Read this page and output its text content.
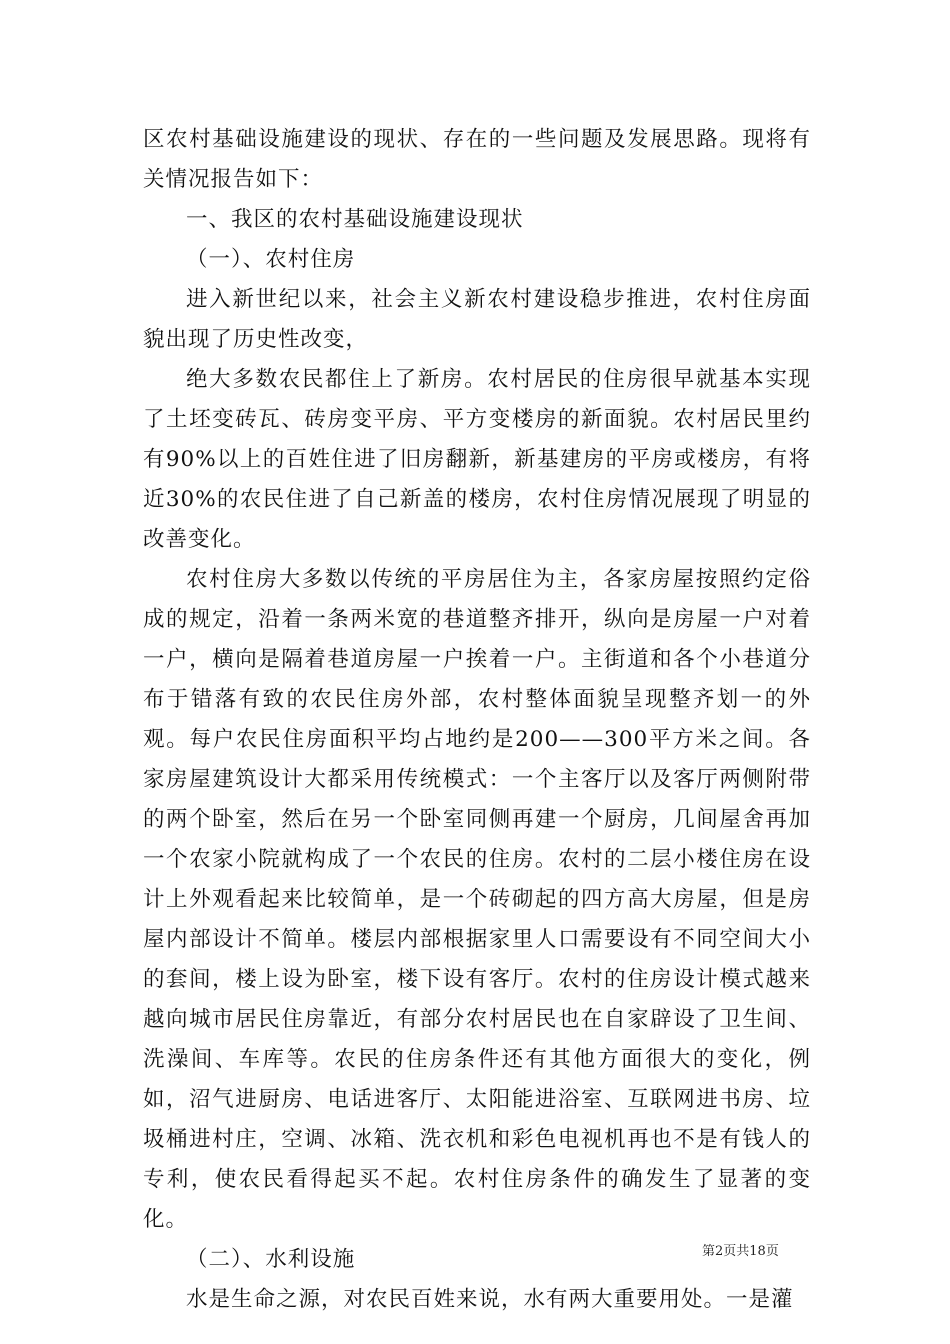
区农村基础设施建设的现状、存在的一些问题及发展思路。现将有关情况报告如下：

一、我区的农村基础设施建设现状

（一）、农村住房

进入新世纪以来，社会主义新农村建设稳步推进，农村住房面貌出现了历史性改变，

绝大多数农民都住上了新房。农村居民的住房很早就基本实现了土坯变砖瓦、砖房变平房、平方变楼房的新面貌。农村居民里约有90%以上的百姓住进了旧房翻新，新基建房的平房或楼房，有将近30%的农民住进了自己新盖的楼房，农村住房情况展现了明显的改善变化。

农村住房大多数以传统的平房居住为主，各家房屋按照约定俗成的规定，沿着一条两米宽的巷道整齐排开，纵向是房屋一户对着一户，横向是隔着巷道房屋一户挨着一户。主街道和各个小巷道分布于错落有致的农民住房外部，农村整体面貌呈现整齐划一的外观。每户农民住房面积平均占地约是200——300平方米之间。各家房屋建筑设计大都采用传统模式：一个主客厅以及客厅两侧附带的两个卧室，然后在另一个卧室同侧再建一个厨房，几间屋舍再加一个农家小院就构成了一个农民的住房。农村的二层小楼住房在设计上外观看起来比较简单，是一个砖砌起的四方高大房屋，但是房屋内部设计不简单。楼层内部根据家里人口需要设有不同空间大小的套间，楼上设为卧室，楼下设有客厅。农村的住房设计模式越来越向城市居民住房靠近，有部分农村居民也在自家辟设了卫生间、洗澡间、车库等。农民的住房条件还有其他方面很大的变化，例如，沼气进厨房、电话进客厅、太阳能进浴室、互联网进书房、垃圾桶进村庄，空调、冰箱、洗衣机和彩色电视机再也不是有钱人的专利，使农民看得起买不起。农村住房条件的确发生了显著的变化。

（二）、水利设施

水是生命之源，对农民百姓来说，水有两大重要用处。一是灌

第2页共18页
